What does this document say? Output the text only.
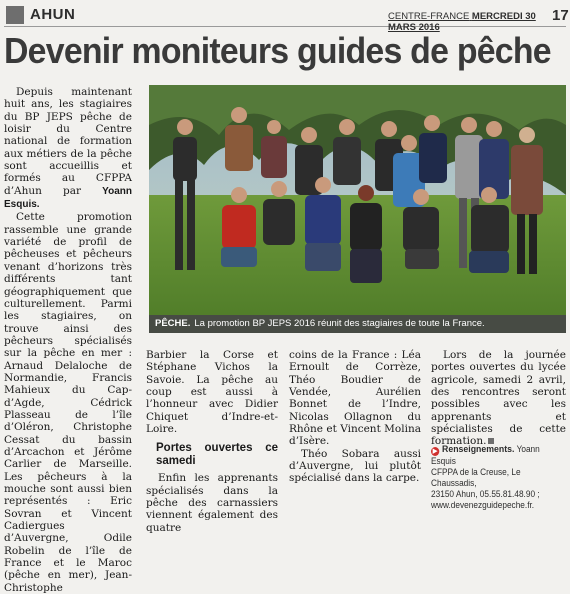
AHUN	CENTRE-FRANCE MERCREDI 30 MARS 2016
17
Devenir moniteurs guides de pêche
PÊCHE. La promotion BP JEPS 2016 réunit des stagiaires de toute la France.

Depuis maintenant huit ans, les stagiaires du BP JEPS pêche de loisir du Centre national de formation aux métiers de la pêche sont accueillis et formés au CFPPA d’Ahun par Yoann Esquis.

Cette promotion rassemble une grande variété de profil de pêcheuses et pêcheurs venant d’horizons très différents tant géographiquement que culturellement. Parmi les stagiaires, on trouve ainsi des pêcheurs spécialisés sur la pêche en mer : Arnaud Delaloche de Normandie, Francis Mahieux du Cap-d’Agde, Cédrick Plasseau de l’île d’Oléron, Christophe Cessat du bassin d’Arcachon et Jérôme Carlier de Marseille. Les pêcheurs à la mouche sont aussi bien représentés : Eric Sovran et Vincent Cadiergues d’Auvergne, Odile Robelin de l’île de France et le Maroc (pêche en mer), Jean-Christophe

Barbier la Corse et Stéphane Vichos la Savoie. La pêche au coup est aussi à l’honneur avec Didier Chiquet d’Indre-et-Loire.

Portes ouvertes ce samedi

Enfin les apprenants spécialisés dans la pêche des carnassiers viennent également des quatre

coins de la France : Léa Ernoult de Corrèze, Théo Boudier de Vendée, Aurélien Bonnet de l’Indre, Nicolas Ollagnon du Rhône et Vincent Molina d’Isère.

Théo Sobara aussi d’Auvergne, lui plutôt spécialisé dans la carpe.

Lors de la journée portes ouvertes du lycée agricole, samedi 2 avril, des rencontres seront possibles avec les apprenants et spécialistes de cette formation.

▶ Renseignements. Yoann Esquis
CFPPA de la Creuse, Le Chaussadis,
23150 Ahun, 05.55.81.48.90 ;
www.devenezguidepeche.fr.
